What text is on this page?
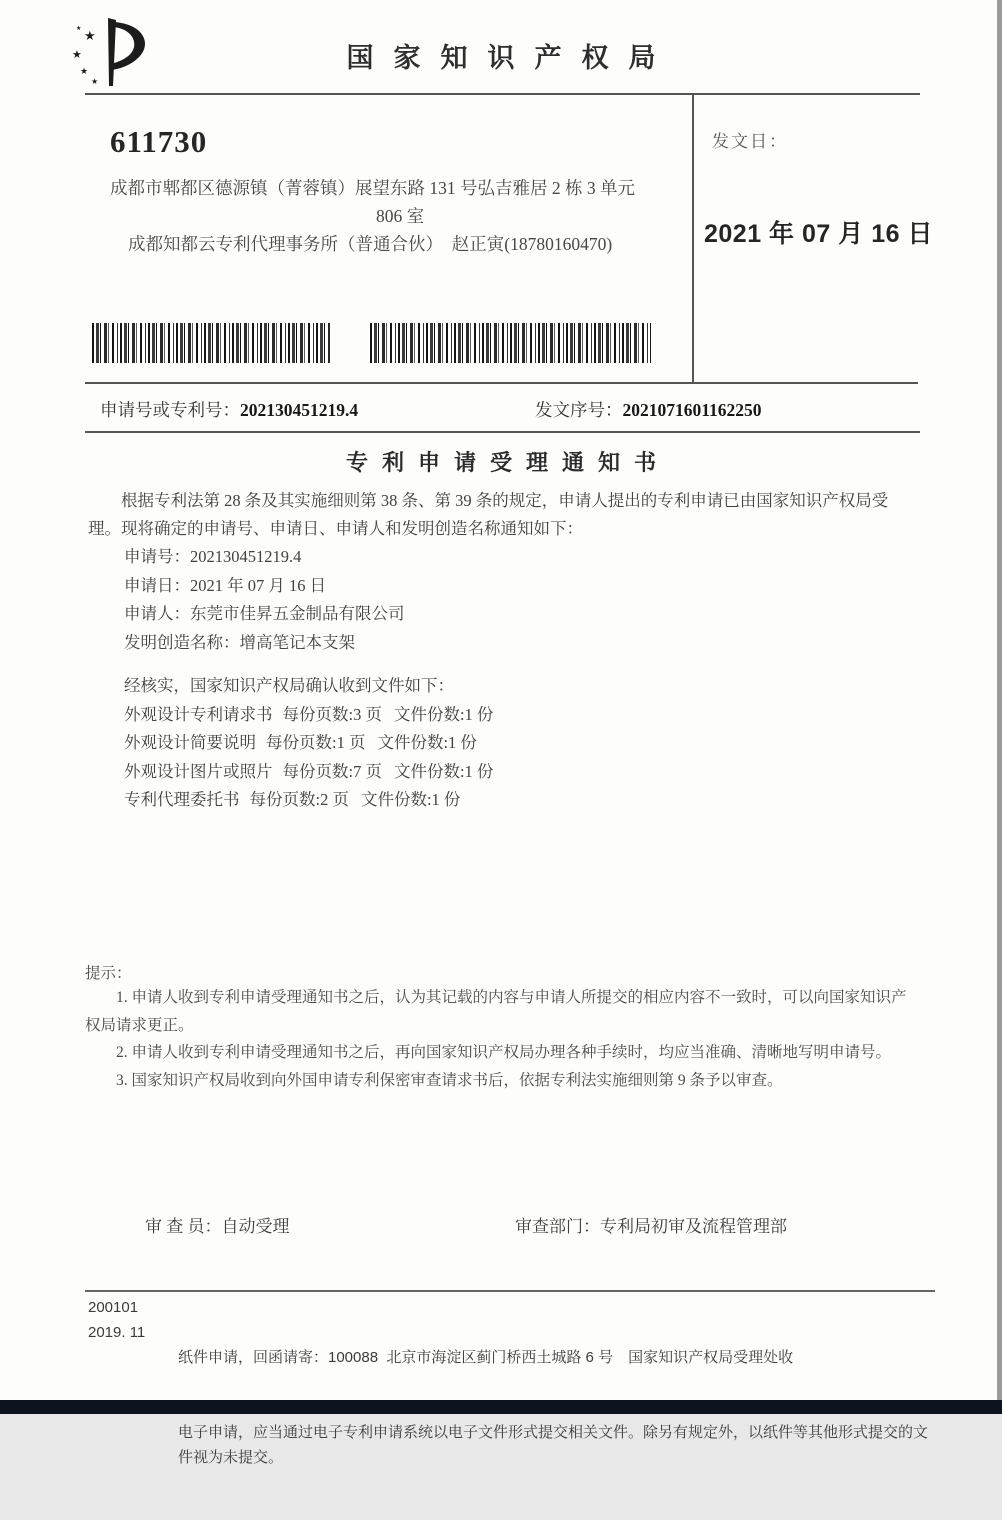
★
★
★
★
★
国家知识产权局
611730
成都市郫都区德源镇（菁蓉镇）展望东路 131 号弘吉雅居 2 栋 3 单元
806 室
成都知都云专利代理事务所（普通合伙）  赵正寅(18780160470)
发文日：
2021 年 07 月 16 日
申请号或专利号：202130451219.4	发文序号：2021071601162250
专利申请受理通知书

根据专利法第 28 条及其实施细则第 38 条、第 39 条的规定，申请人提出的专利申请已由国家知识产权局受理。现将确定的申请号、申请日、申请人和发明创造名称通知如下：

申请号：202130451219.4
申请日：2021 年 07 月 16 日
申请人：东莞市佳昇五金制品有限公司
发明创造名称：增高笔记本支架
经核实，国家知识产权局确认收到文件如下：
外观设计专利请求书 每份页数:3 页 文件份数:1 份
外观设计简要说明 每份页数:1 页 文件份数:1 份
外观设计图片或照片 每份页数:7 页 文件份数:1 份
专利代理委托书 每份页数:2 页 文件份数:1 份
提示：

1. 申请人收到专利申请受理通知书之后，认为其记载的内容与申请人所提交的相应内容不一致时，可以向国家知识产权局请求更正。

2. 申请人收到专利申请受理通知书之后，再向国家知识产权局办理各种手续时，均应当准确、清晰地写明申请号。

3. 国家知识产权局收到向外国申请专利保密审查请求书后，依据专利法实施细则第 9 条予以审查。

审 查 员：自动受理	审查部门：专利局初审及流程管理部
200101
2019. 11

纸件申请，回函请寄：100088  北京市海淀区蓟门桥西土城路 6 号　国家知识产权局受理处收

电子申请，应当通过电子专利申请系统以电子文件形式提交相关文件。除另有规定外，以纸件等其他形式提交的文件视为未提交。
